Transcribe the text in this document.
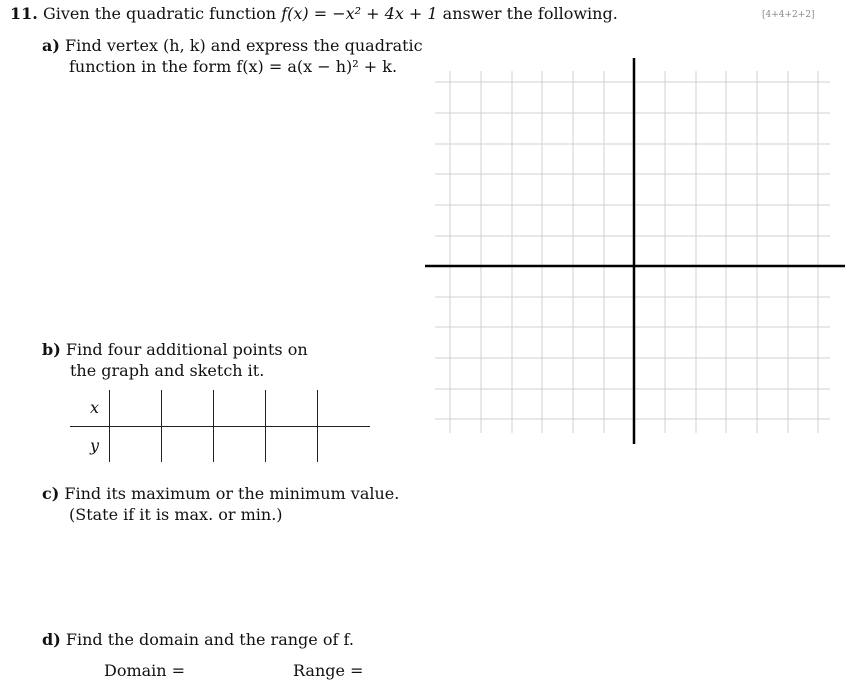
11. Given the quadratic function f(x) = −x² + 4x + 1 answer the following.	[4+4+2+2]
a) Find vertex (h, k) and express the quadratic
function in the form f(x) = a(x − h)² + k.
b) Find four additional points on
the graph and sketch it.
x
y
c) Find its maximum or the minimum value.
(State if it is max. or min.)
d) Find the domain and the range of f.
Domain =	Range =
